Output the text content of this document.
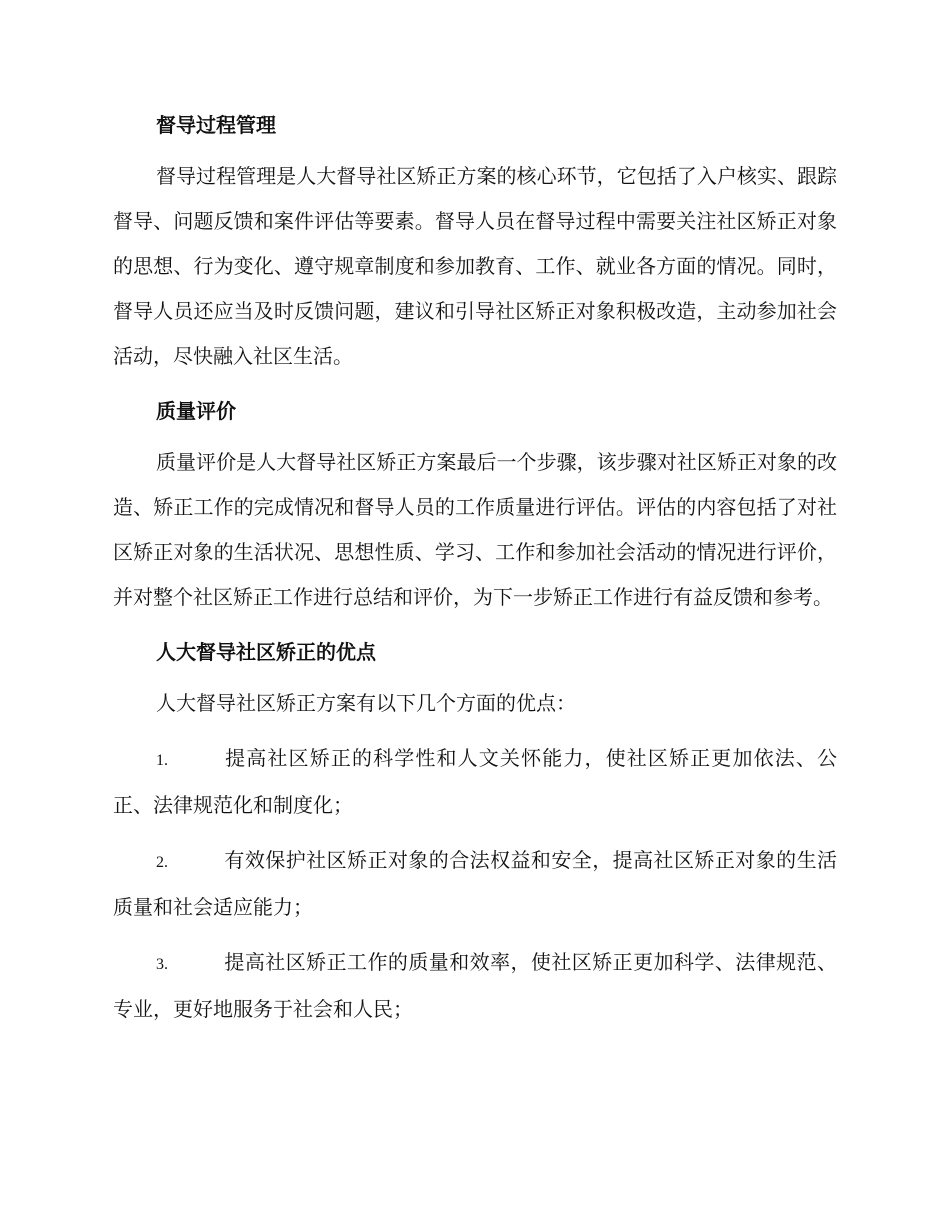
督导过程管理

督导过程管理是人大督导社区矫正方案的核心环节，它包括了入户核实、跟踪督导、问题反馈和案件评估等要素。督导人员在督导过程中需要关注社区矫正对象的思想、行为变化、遵守规章制度和参加教育、工作、就业各方面的情况。同时，督导人员还应当及时反馈问题，建议和引导社区矫正对象积极改造，主动参加社会活动，尽快融入社区生活。

质量评价

质量评价是人大督导社区矫正方案最后一个步骤，该步骤对社区矫正对象的改造、矫正工作的完成情况和督导人员的工作质量进行评估。评估的内容包括了对社区矫正对象的生活状况、思想性质、学习、工作和参加社会活动的情况进行评价，并对整个社区矫正工作进行总结和评价，为下一步矫正工作进行有益反馈和参考。

人大督导社区矫正的优点

人大督导社区矫正方案有以下几个方面的优点：

1.	提高社区矫正的科学性和人文关怀能力，使社区矫正更加依法、公正、法律规范化和制度化；

2.	有效保护社区矫正对象的合法权益和安全，提高社区矫正对象的生活质量和社会适应能力；

3.	提高社区矫正工作的质量和效率，使社区矫正更加科学、法律规范、专业，更好地服务于社会和人民；
